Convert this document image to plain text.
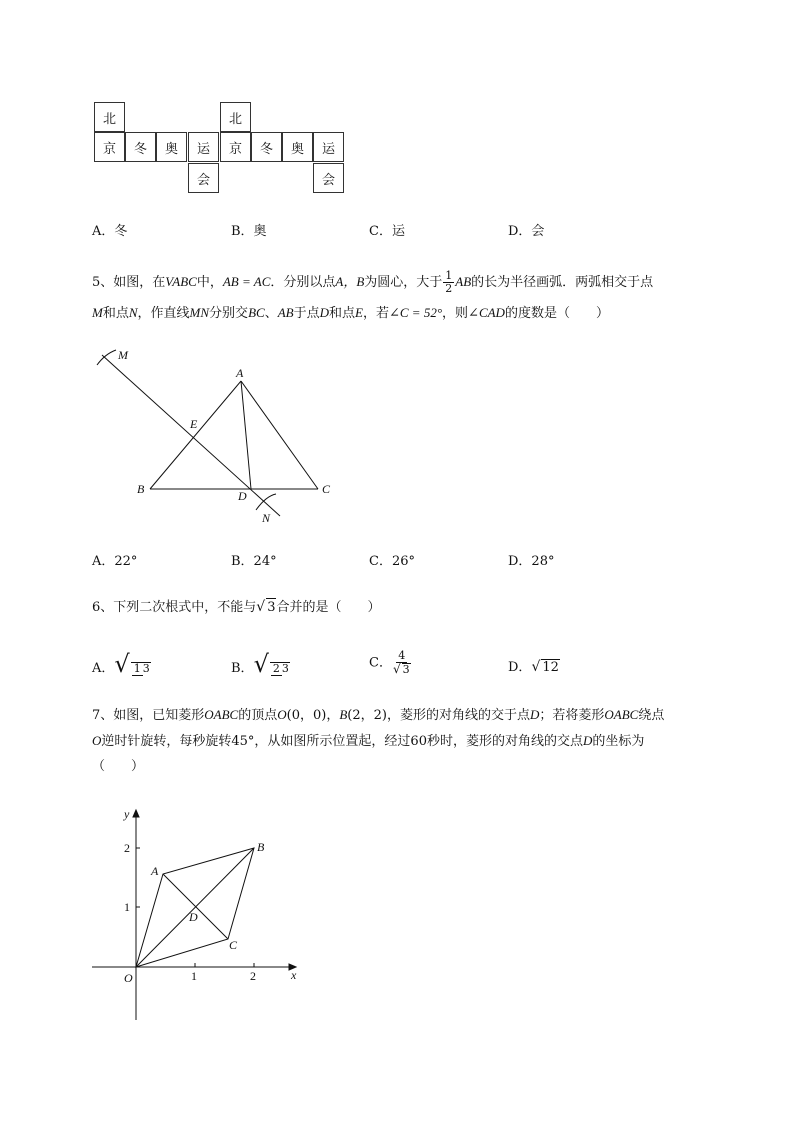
北
京	冬	奥	运
会
北
京	冬	奥	运
会
A．冬	B．奥	C．运	D．会
5、如图，在VABC中，AB = AC．分别以点A，B为圆心，大于 $\frac{1}{2}$ AB的长为半径画弧．两弧相交于点
M和点N，作直线MN分别交BC、AB于点D和点E，若∠C = 52°，则∠CAD的度数是（　　）
M
A
E
B	D	C
N
A．22°	B．24°	C．26°	D．28°
6、下列二次根式中，不能与√ 3合并的是（　　）
A．√ 1 3	B．√ 2 3	C． $\frac{4}{√ 3}$	D．√ 12
7、如图，已知菱形OABC的顶点O(0，0)，B(2，2)，菱形的对角线的交于点D；若将菱形OABC绕点
O逆时针旋转，每秒旋转45°，从如图所示位置起，经过60秒时，菱形的对角线的交点D的坐标为
（　　）
y
x
2
1
1	2
O
A
B
C
D
